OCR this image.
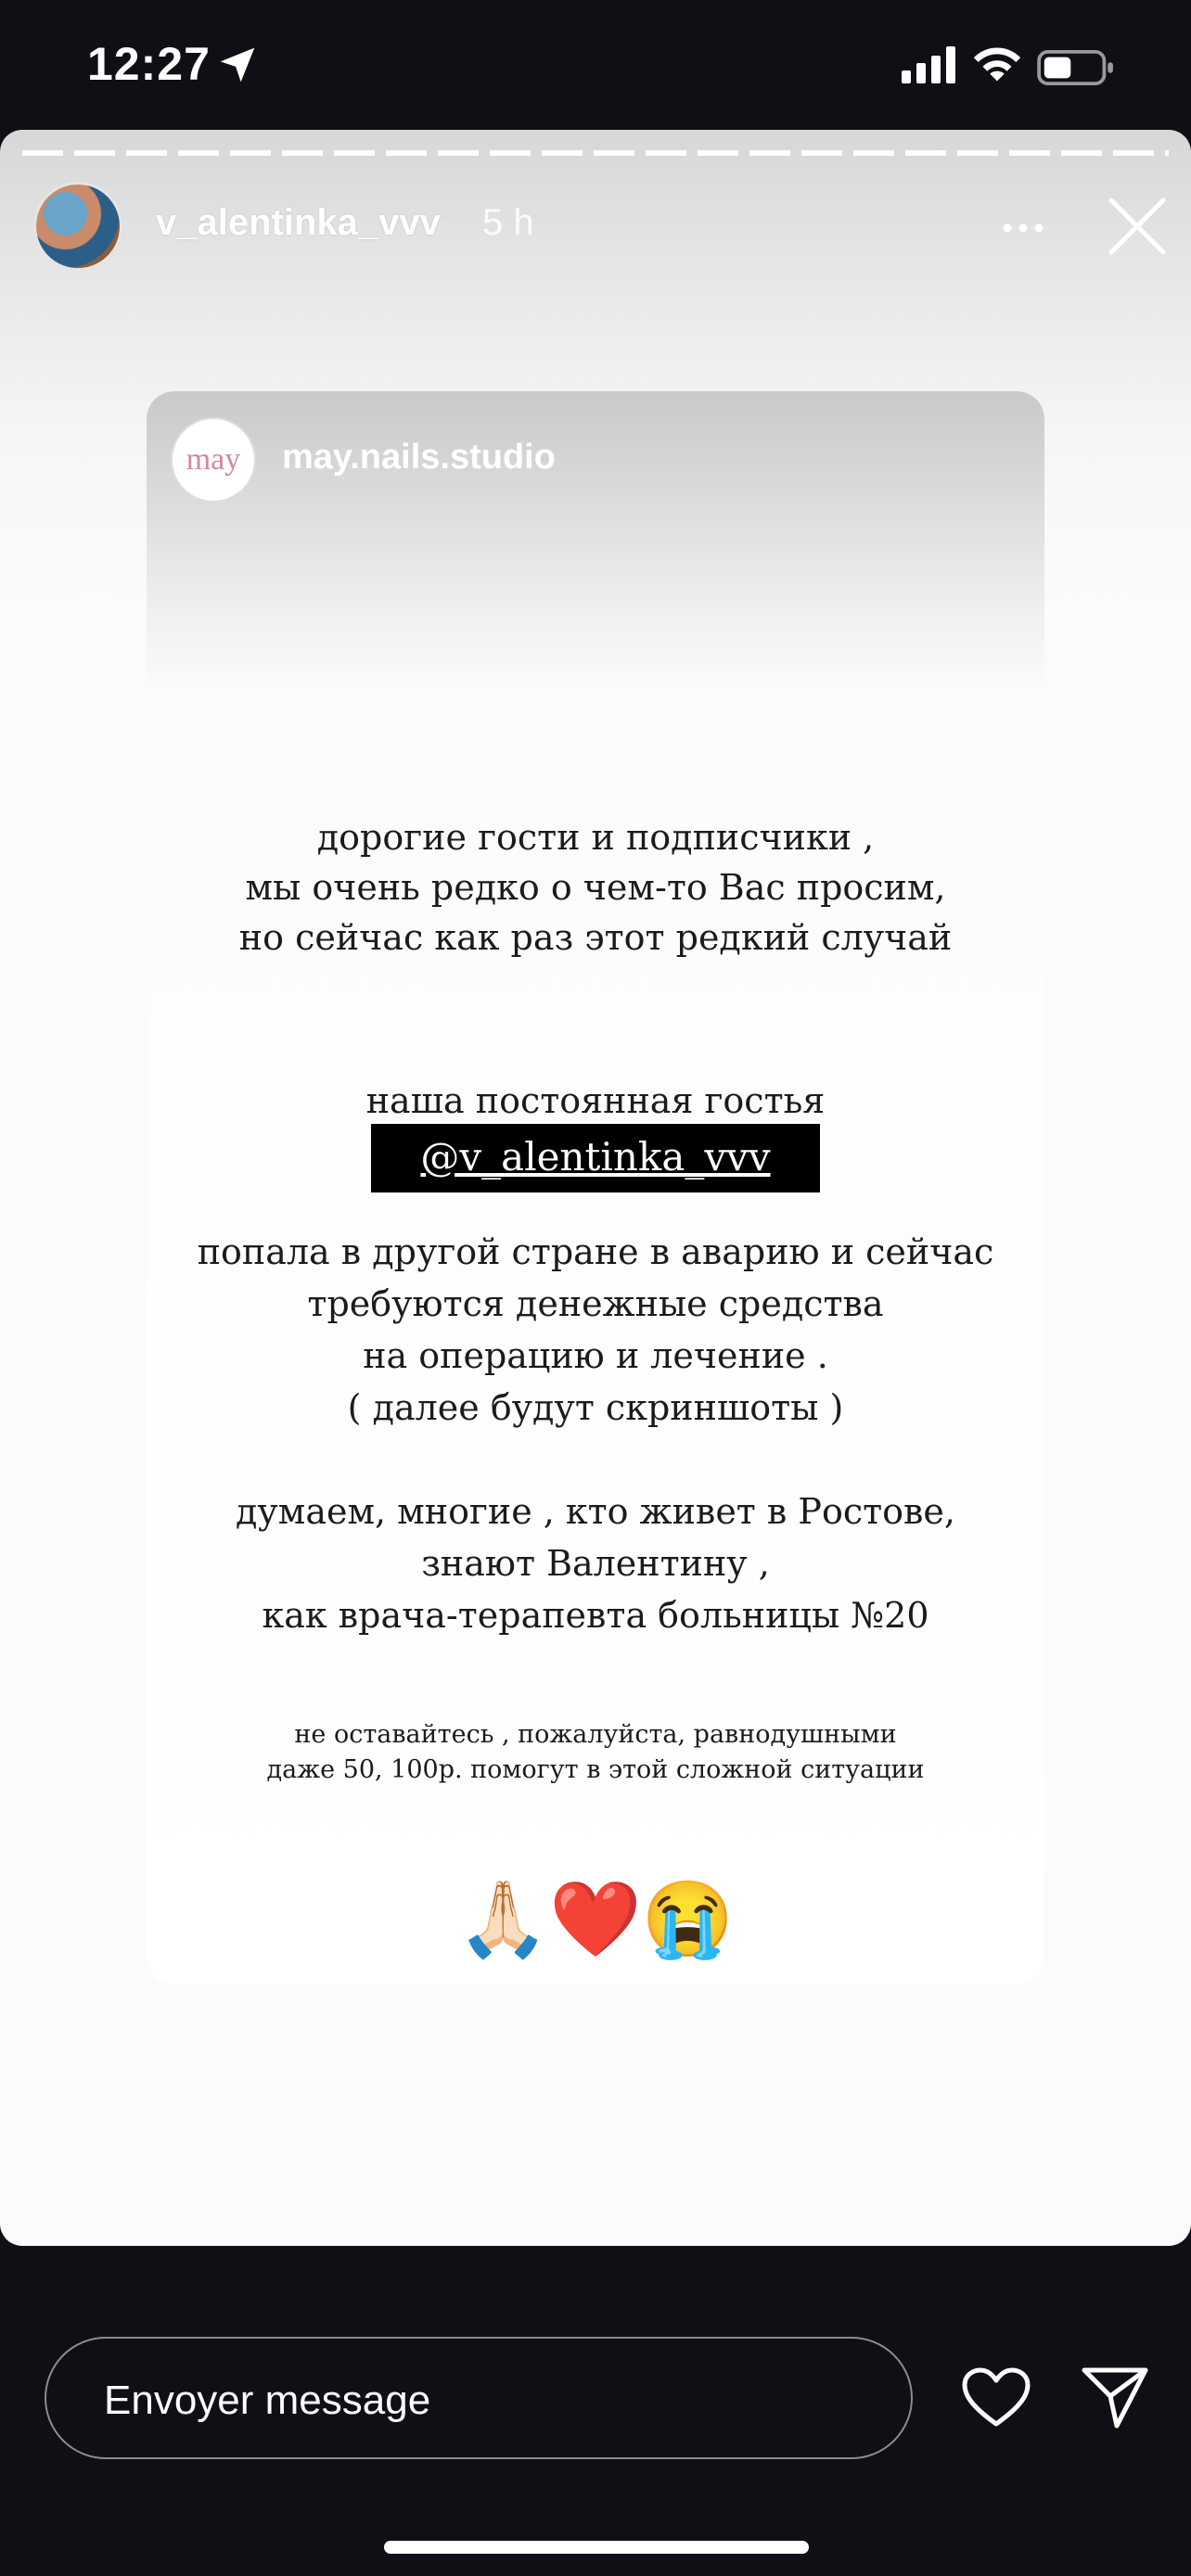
12:27
v_alentinka_vvv 5 h
may may.nails.studio
дорогие гости и подписчики ,
мы очень редко о чем-то Вас просим,
но сейчас как раз этот редкий случай
наша постоянная гостья
@v_alentinka_vvv
попала в другой стране в аварию и сейчас
требуются денежные средства
на операцию и лечение .
( далее будут скриншоты )
думаем, многие , кто живет в Ростове,
знают Валентину ,
как врача-терапевта больницы №20
не оставайтесь , пожалуйста, равнодушными
даже 50, 100р. помогут в этой сложной ситуации
🙏🏻❤️😭
Envoyer message
